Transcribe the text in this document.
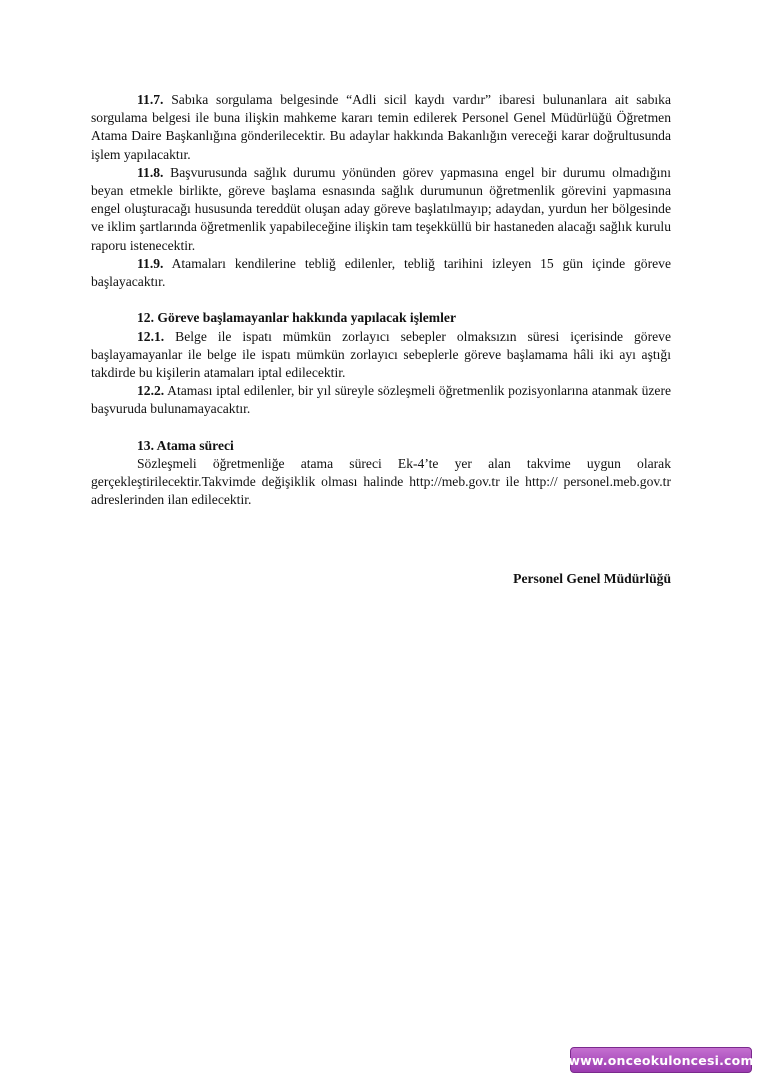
11.7. Sabıka sorgulama belgesinde “Adli sicil kaydı vardır” ibaresi bulunanlara ait sabıka sorgulama belgesi ile buna ilişkin mahkeme kararı temin edilerek Personel Genel Müdürlüğü Öğretmen Atama Daire Başkanlığına gönderilecektir. Bu adaylar hakkında Bakanlığın vereceği karar doğrultusunda işlem yapılacaktır.

11.8. Başvurusunda sağlık durumu yönünden görev yapmasına engel bir durumu olmadığını beyan etmekle birlikte, göreve başlama esnasında sağlık durumunun öğretmenlik görevini yapmasına engel oluşturacağı hususunda tereddüt oluşan aday göreve başlatılmayıp; adaydan, yurdun her bölgesinde ve iklim şartlarında öğretmenlik yapabileceğine ilişkin tam teşekküllü bir hastaneden alacağı sağlık kurulu raporu istenecektir.

11.9. Atamaları kendilerine tebliğ edilenler, tebliğ tarihini izleyen 15 gün içinde göreve başlayacaktır.

12. Göreve başlamayanlar hakkında yapılacak işlemler

12.1. Belge ile ispatı mümkün zorlayıcı sebepler olmaksızın süresi içerisinde göreve başlayamayanlar ile belge ile ispatı mümkün zorlayıcı sebeplerle göreve başlamama hâli iki ayı aştığı takdirde bu kişilerin atamaları iptal edilecektir.

12.2. Ataması iptal edilenler, bir yıl süreyle sözleşmeli öğretmenlik pozisyonlarına atanmak üzere başvuruda bulunamayacaktır.

13. Atama süreci

Sözleşmeli öğretmenliğe atama süreci Ek-4’te yer alan takvime uygun olarak gerçekleştirilecektir.Takvimde değişiklik olması halinde http://meb.gov.tr ile http:// personel.meb.gov.tr adreslerinden ilan edilecektir.

Personel Genel Müdürlüğü
www.onceokuloncesi.com
